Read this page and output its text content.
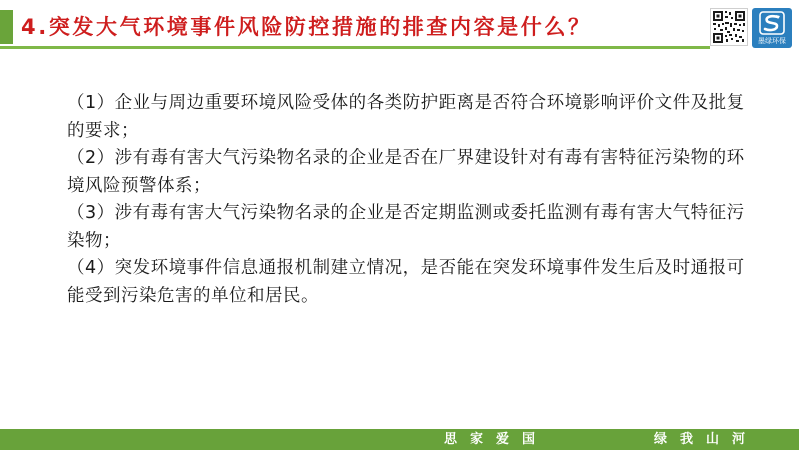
4.突发大气环境事件风险防控措施的排查内容是什么？
墨绿环保
（1）企业与周边重要环境风险受体的各类防护距离是否符合环境影响评价文件及批复的要求；
（2）涉有毒有害大气污染物名录的企业是否在厂界建设针对有毒有害特征污染物的环境风险预警体系；
（3）涉有毒有害大气污染物名录的企业是否定期监测或委托监测有毒有害大气特征污染物；
（4）突发环境事件信息通报机制建立情况，是否能在突发环境事件发生后及时通报可能受到污染危害的单位和居民。
思家爱国	绿我山河
